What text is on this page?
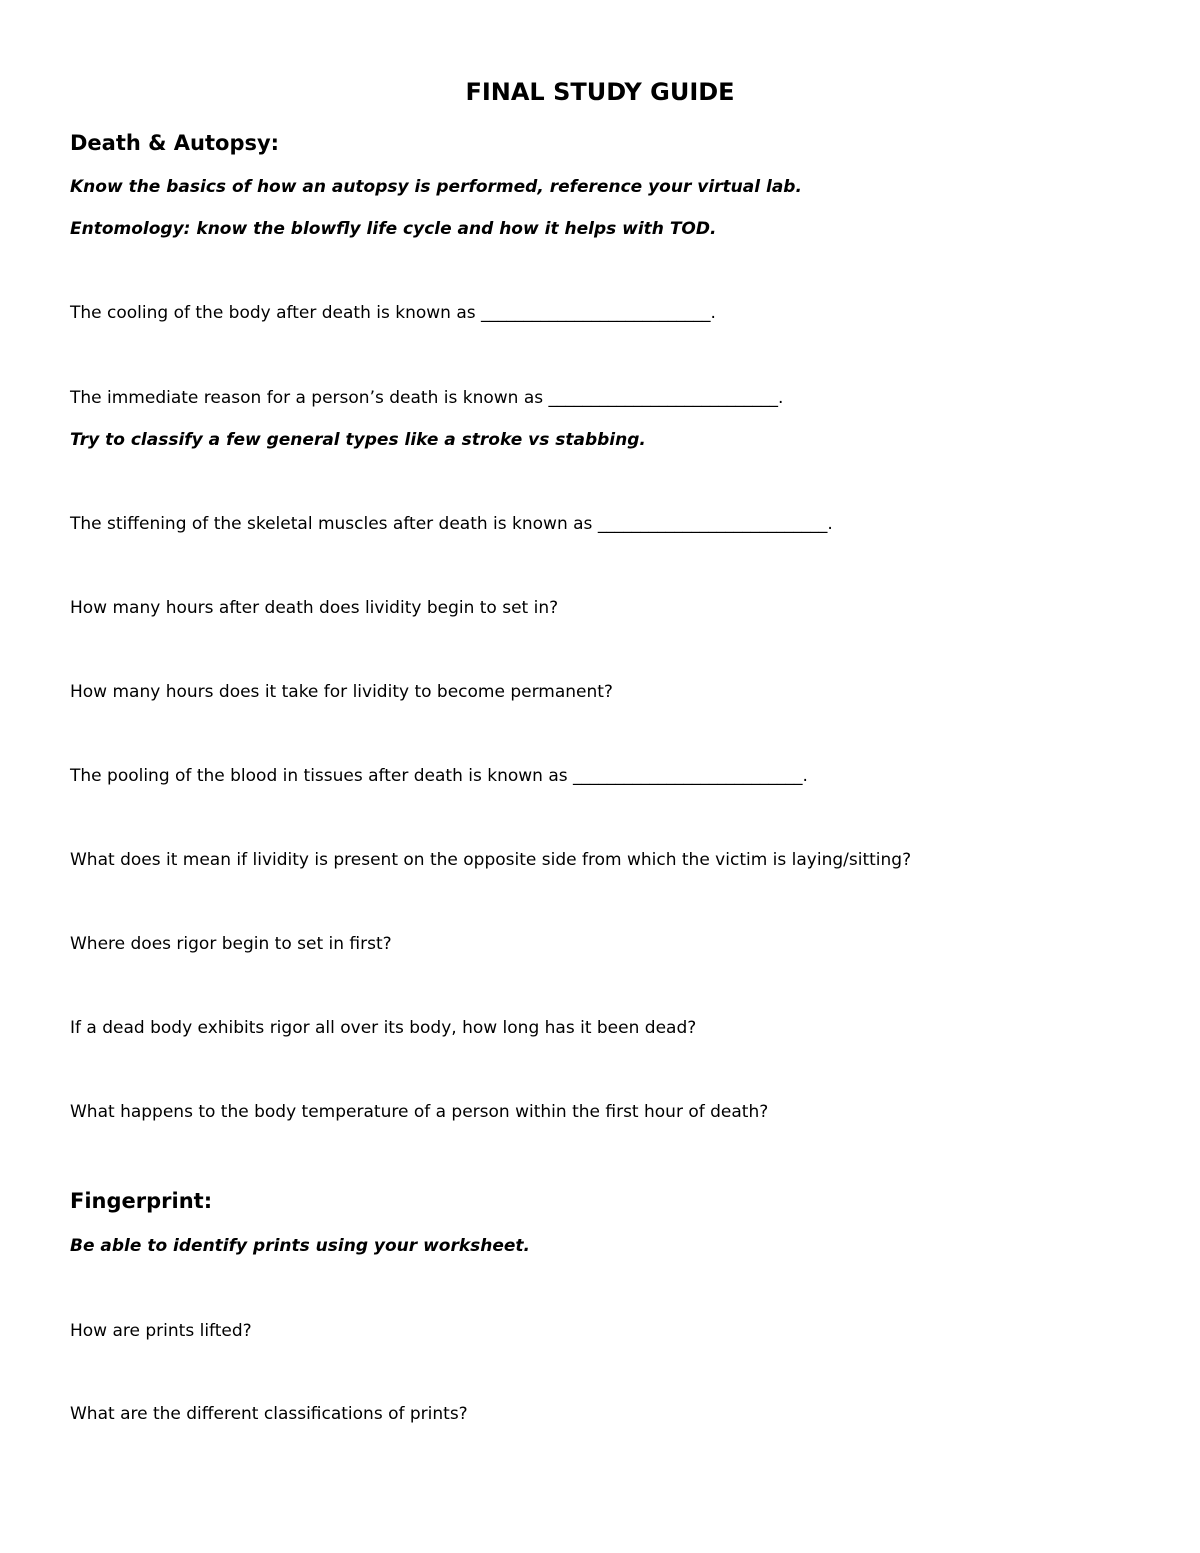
FINAL STUDY GUIDE
Death & Autopsy:
Know the basics of how an autopsy is performed, reference your virtual lab.
Entomology: know the blowfly life cycle and how it helps with TOD.
The cooling of the body after death is known as ___________________________.
The immediate reason for a person’s death is known as ___________________________.
Try to classify a few general types like a stroke vs stabbing.
The stiffening of the skeletal muscles after death is known as ___________________________.
How many hours after death does lividity begin to set in?
How many hours does it take for lividity to become permanent?
The pooling of the blood in tissues after death is known as ___________________________.
What does it mean if lividity is present on the opposite side from which the victim is laying/sitting?
Where does rigor begin to set in first?
If a dead body exhibits rigor all over its body, how long has it been dead?
What happens to the body temperature of a person within the first hour of death?
Fingerprint:
Be able to identify prints using your worksheet.
How are prints lifted?
What are the different classifications of prints?
